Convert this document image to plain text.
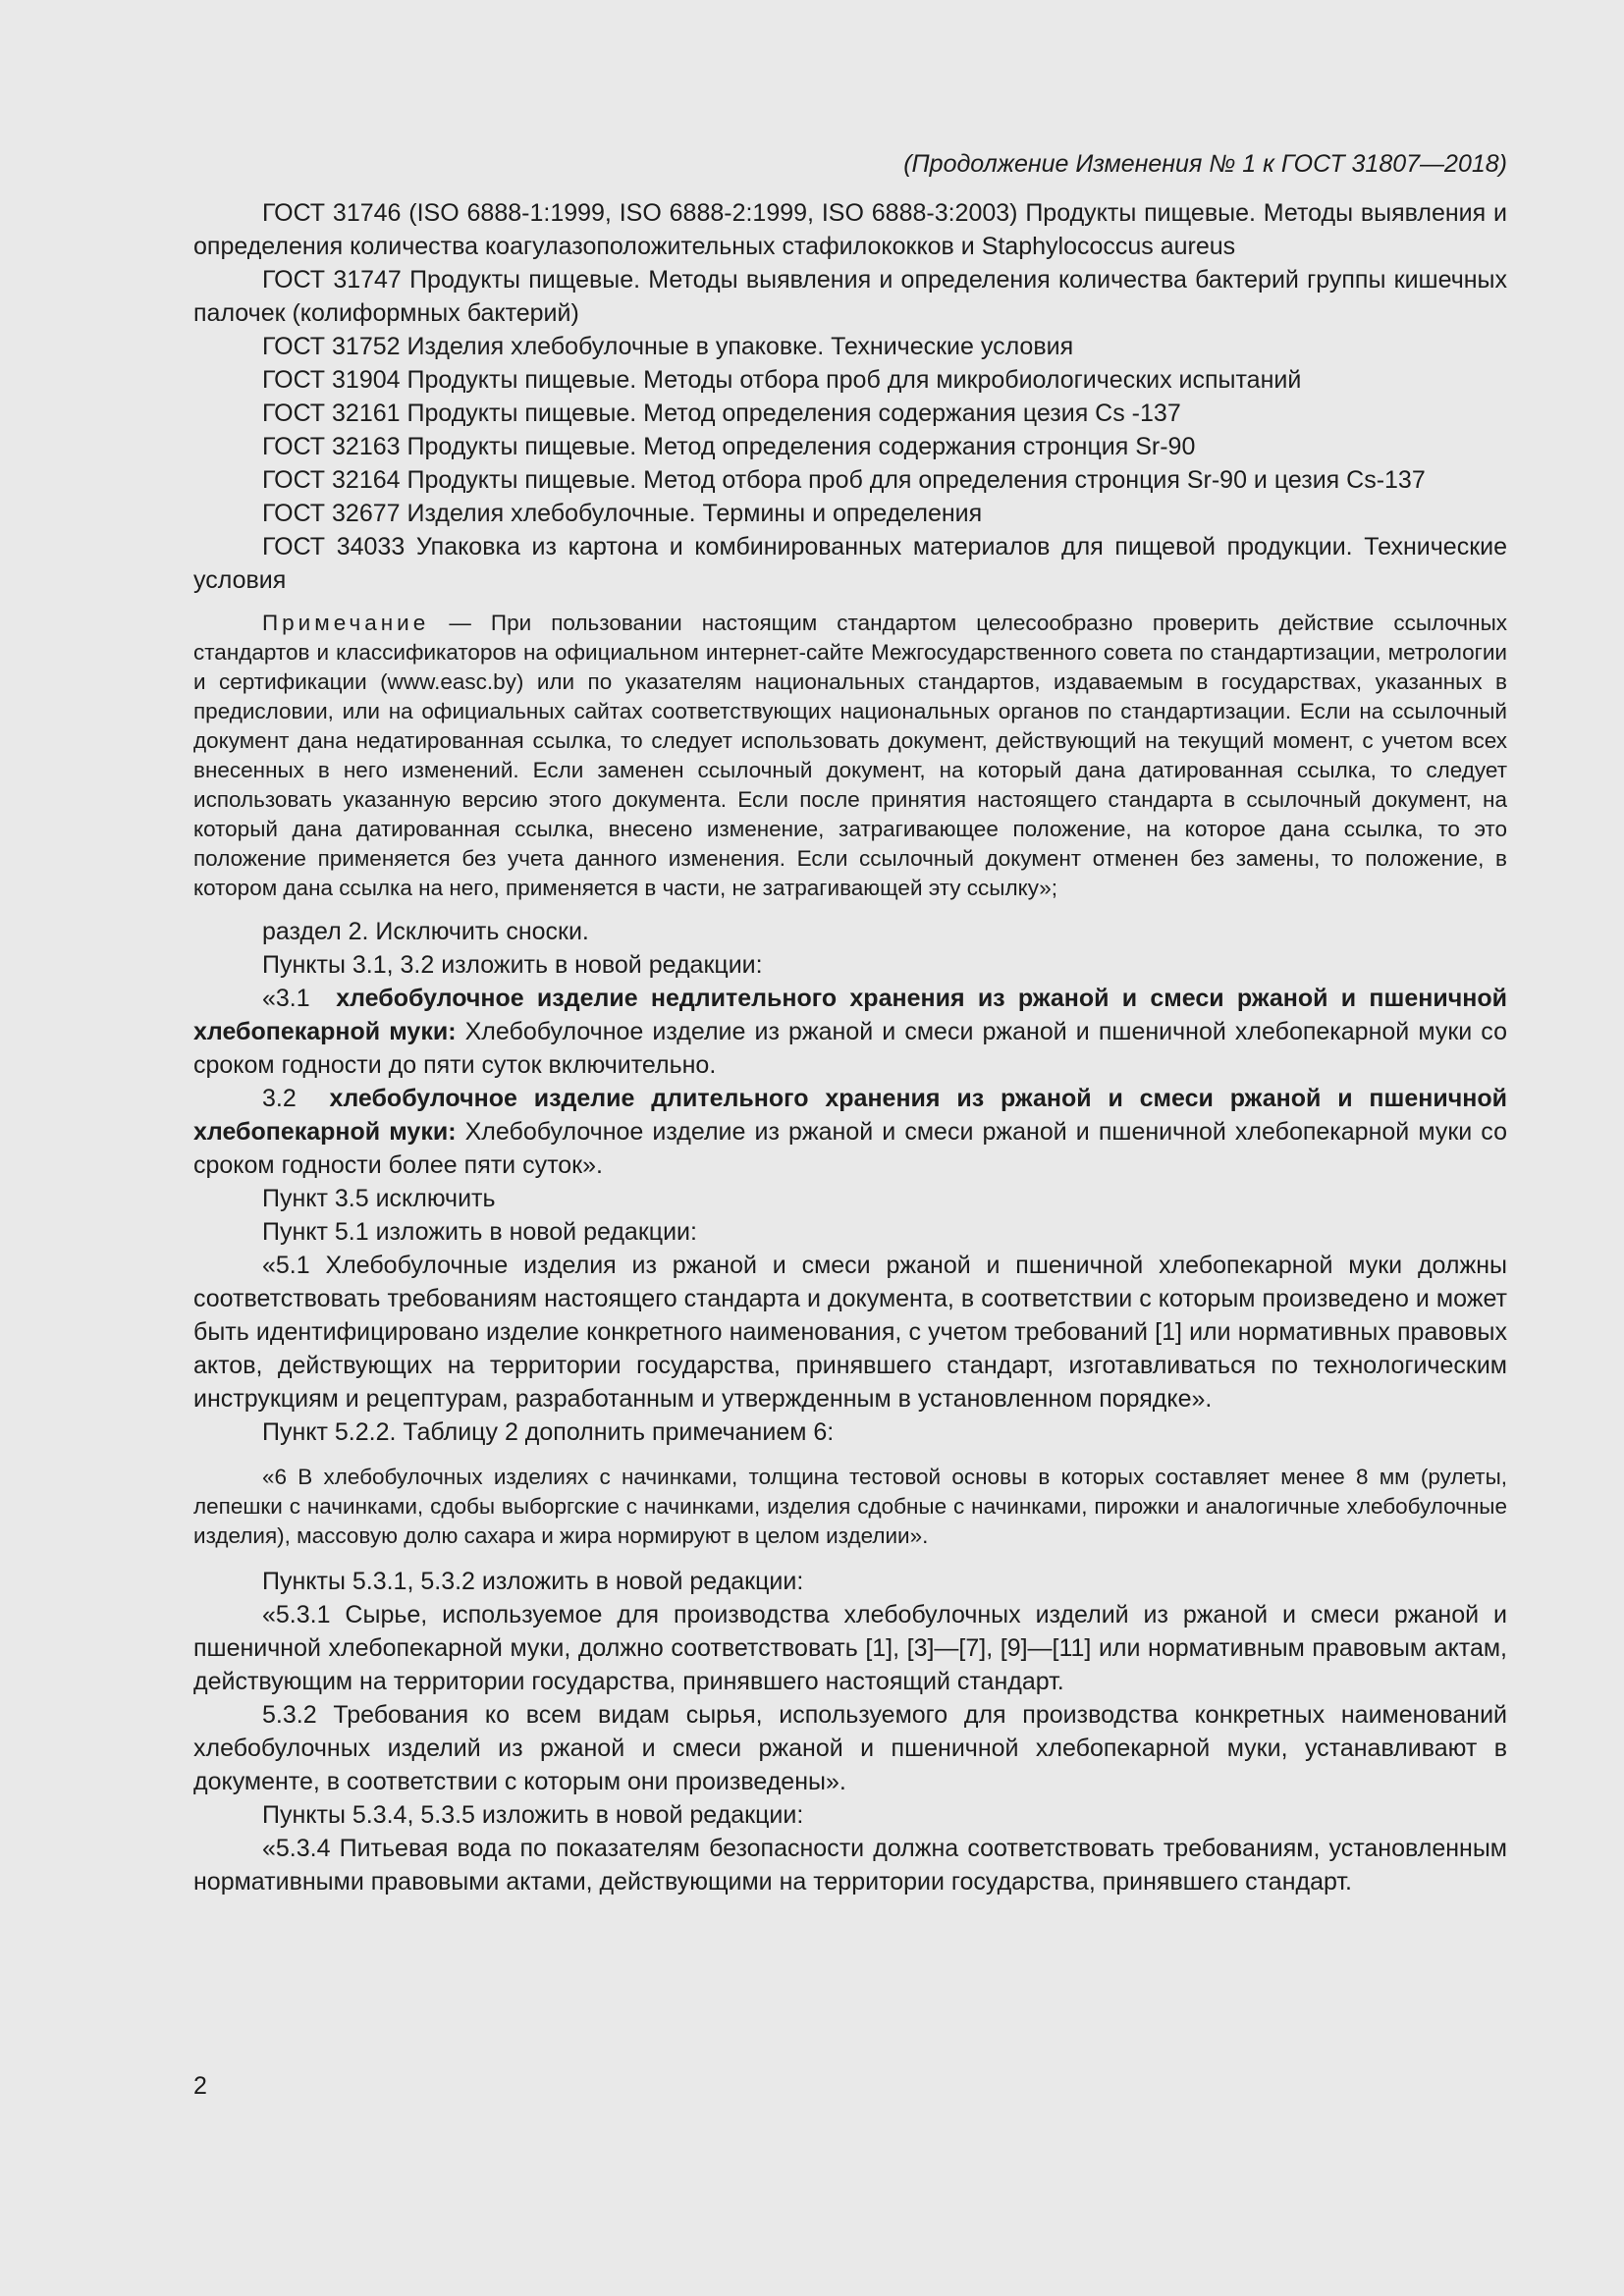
(Продолжение Изменения № 1 к ГОСТ 31807—2018)

ГОСТ 31746 (ISO 6888-1:1999, ISO 6888-2:1999, ISO 6888-3:2003) Продукты пищевые. Методы выявления и определения количества коагулазоположительных стафилококков и Staphylococcus aureus

ГОСТ 31747 Продукты пищевые. Методы выявления и определения количества бактерий группы кишечных палочек (колиформных бактерий)

ГОСТ 31752 Изделия хлебобулочные в упаковке. Технические условия

ГОСТ 31904 Продукты пищевые. Методы отбора проб для микробиологических испытаний

ГОСТ 32161 Продукты пищевые. Метод определения содержания цезия Cs -137

ГОСТ 32163 Продукты пищевые. Метод определения содержания стронция Sr-90

ГОСТ 32164 Продукты пищевые. Метод отбора проб для определения стронция Sr-90 и цезия Cs-137

ГОСТ 32677 Изделия хлебобулочные. Термины и определения

ГОСТ 34033 Упаковка из картона и комбинированных материалов для пищевой продукции. Технические условия

Примечание — При пользовании настоящим стандартом целесообразно проверить действие ссылочных стандартов и классификаторов на официальном интернет-сайте Межгосударственного совета по стандартизации, метрологии и сертификации (www.easc.by) или по указателям национальных стандартов, издаваемым в государствах, указанных в предисловии, или на официальных сайтах соответствующих национальных органов по стандартизации. Если на ссылочный документ дана недатированная ссылка, то следует использовать документ, действующий на текущий момент, с учетом всех внесенных в него изменений. Если заменен ссылочный документ, на который дана датированная ссылка, то следует использовать указанную версию этого документа. Если после принятия настоящего стандарта в ссылочный документ, на который дана датированная ссылка, внесено изменение, затрагивающее положение, на которое дана ссылка, то это положение применяется без учета данного изменения. Если ссылочный документ отменен без замены, то положение, в котором дана ссылка на него, применяется в части, не затрагивающей эту ссылку»;

раздел 2. Исключить сноски.

Пункты 3.1, 3.2 изложить в новой редакции:

«3.1 хлебобулочное изделие недлительного хранения из ржаной и смеси ржаной и пшеничной хлебопекарной муки: Хлебобулочное изделие из ржаной и смеси ржаной и пшеничной хлебопекарной муки со сроком годности до пяти суток включительно.

3.2 хлебобулочное изделие длительного хранения из ржаной и смеси ржаной и пшеничной хлебопекарной муки: Хлебобулочное изделие из ржаной и смеси ржаной и пшеничной хлебопекарной муки со сроком годности более пяти суток».

Пункт 3.5 исключить

Пункт 5.1 изложить в новой редакции:

«5.1 Хлебобулочные изделия из ржаной и смеси ржаной и пшеничной хлебопекарной муки должны соответствовать требованиям настоящего стандарта и документа, в соответствии с которым произведено и может быть идентифицировано изделие конкретного наименования, с учетом требований [1] или нормативных правовых актов, действующих на территории государства, принявшего стандарт, изготавливаться по технологическим инструкциям и рецептурам, разработанным и утвержденным в установленном порядке».

Пункт 5.2.2. Таблицу 2 дополнить примечанием 6:

«6 В хлебобулочных изделиях с начинками, толщина тестовой основы в которых составляет менее 8 мм (рулеты, лепешки с начинками, сдобы выборгские с начинками, изделия сдобные с начинками, пирожки и аналогичные хлебобулочные изделия), массовую долю сахара и жира нормируют в целом изделии».

Пункты 5.3.1, 5.3.2 изложить в новой редакции:

«5.3.1 Сырье, используемое для производства хлебобулочных изделий из ржаной и смеси ржаной и пшеничной хлебопекарной муки, должно соответствовать [1], [3]—[7], [9]—[11] или нормативным правовым актам, действующим на территории государства, принявшего настоящий стандарт.

5.3.2 Требования ко всем видам сырья, используемого для производства конкретных наименований хлебобулочных изделий из ржаной и смеси ржаной и пшеничной хлебопекарной муки, устанавливают в документе, в соответствии с которым они произведены».

Пункты 5.3.4, 5.3.5 изложить в новой редакции:

«5.3.4 Питьевая вода по показателям безопасности должна соответствовать требованиям, установленным нормативными правовыми актами, действующими на территории государства, принявшего стандарт.

2
